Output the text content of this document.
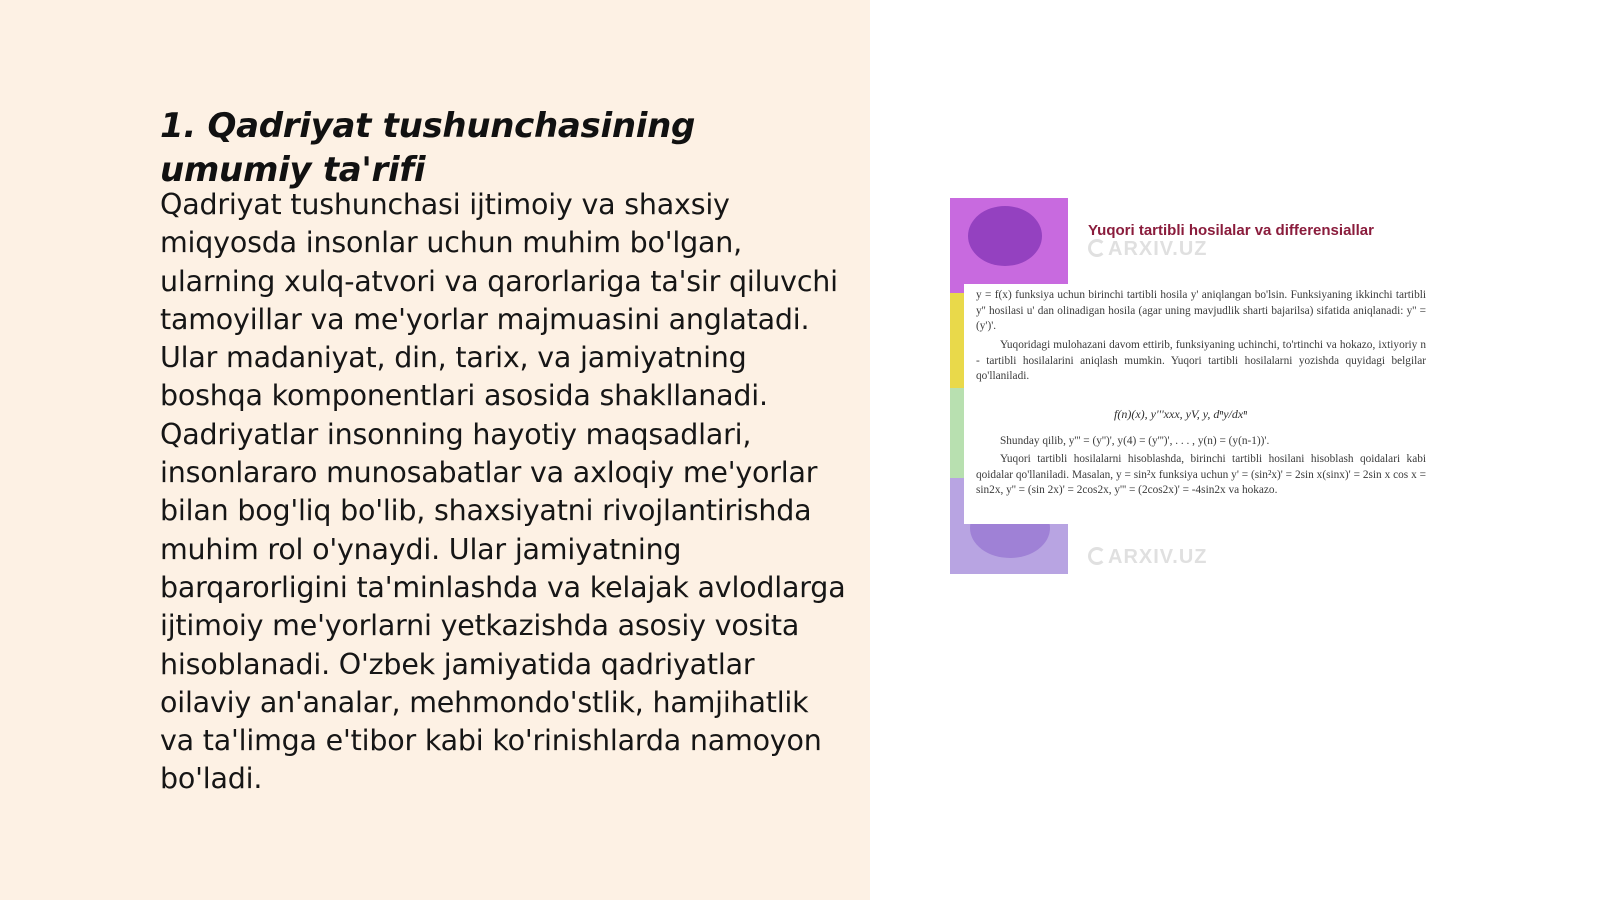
1. Qadriyat tushunchasining umumiy ta'rifi
Qadriyat tushunchasi ijtimoiy va shaxsiy miqyosda insonlar uchun muhim bo'lgan, ularning xulq-atvori va qarorlariga ta'sir qiluvchi tamoyillar va me'yorlar majmuasini anglatadi. Ular madaniyat, din, tarix, va jamiyatning boshqa komponentlari asosida shakllanadi. Qadriyatlar insonning hayotiy maqsadlari, insonlararo munosabatlar va axloqiy me'yorlar bilan bog'liq bo'lib, shaxsiyatni rivojlantirishda muhim rol o'ynaydi. Ular jamiyatning barqarorligini ta'minlashda va kelajak avlodlarga ijtimoiy me'yorlarni yetkazishda asosiy vosita hisoblanadi. O'zbek jamiyatida qadriyatlar oilaviy an'analar, mehmondo'stlik, hamjihatlik va ta'limga e'tibor kabi ko'rinishlarda namoyon bo'ladi.
Yuqori tartibli hosilalar va differensiallar
ARXIV.UZ
y = f(x) funksiya uchun birinchi tartibli hosila y' aniqlangan bo'lsin. Funksiyaning ikkinchi tartibli y'' hosilasi u' dan olinadigan hosila (agar uning mavjudlik sharti bajarilsa) sifatida aniqlanadi: y'' = (y')'.
Yuqoridagi mulohazani davom ettirib, funksiyaning uchinchi, to'rtinchi va hokazo, ixtiyoriy n - tartibli hosilalarini aniqlash mumkin. Yuqori tartibli hosilalarni yozishda quyidagi belgilar qo'llaniladi.
f(n)(x), y'''xxx, yV, y, dⁿy/dxⁿ
Shunday qilib, y''' = (y'')', y(4) = (y''')', . . . , y(n) = (y(n-1))'.
Yuqori tartibli hosilalarni hisoblashda, birinchi tartibli hosilani hisoblash qoidalari kabi qoidalar qo'llaniladi. Masalan, y = sin²x funksiya uchun y' = (sin²x)' = 2sin x(sinx)' = 2sin x cos x = sin2x, y'' = (sin 2x)' = 2cos2x, y''' = (2cos2x)' = -4sin2x va hokazo.
ARXIV.UZ
